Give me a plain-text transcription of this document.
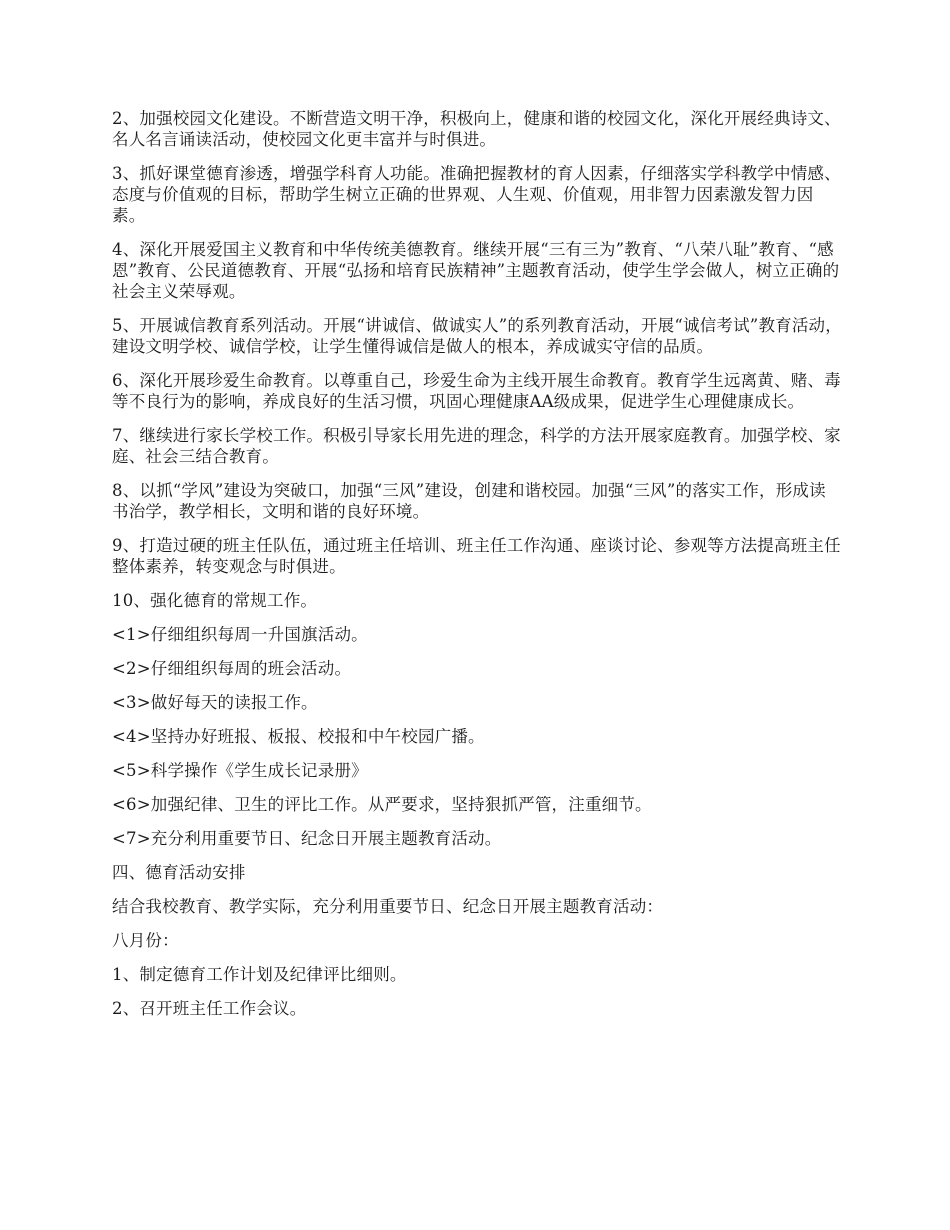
2、加强校园文化建设。不断营造文明干净，积极向上，健康和谐的校园文化，深化开展经典诗文、名人名言诵读活动，使校园文化更丰富并与时俱进。

3、抓好课堂德育渗透，增强学科育人功能。准确把握教材的育人因素，仔细落实学科教学中情感、态度与价值观的目标，帮助学生树立正确的世界观、人生观、价值观，用非智力因素激发智力因素。

4、深化开展爱国主义教育和中华传统美德教育。继续开展“三有三为”教育、“八荣八耻”教育、“感恩”教育、公民道德教育、开展“弘扬和培育民族精神”主题教育活动，使学生学会做人，树立正确的社会主义荣辱观。

5、开展诚信教育系列活动。开展“讲诚信、做诚实人”的系列教育活动，开展“诚信考试”教育活动，建设文明学校、诚信学校，让学生懂得诚信是做人的根本，养成诚实守信的品质。

6、深化开展珍爱生命教育。以尊重自己，珍爱生命为主线开展生命教育。教育学生远离黄、赌、毒等不良行为的影响，养成良好的生活习惯，巩固心理健康AA级成果，促进学生心理健康成长。

7、继续进行家长学校工作。积极引导家长用先进的理念，科学的方法开展家庭教育。加强学校、家庭、社会三结合教育。

8、以抓“学风”建设为突破口，加强“三风”建设，创建和谐校园。加强“三风”的落实工作，形成读书治学，教学相长，文明和谐的良好环境。

9、打造过硬的班主任队伍，通过班主任培训、班主任工作沟通、座谈讨论、参观等方法提高班主任整体素养，转变观念与时俱进。

10、强化德育的常规工作。

<1>仔细组织每周一升国旗活动。

<2>仔细组织每周的班会活动。

<3>做好每天的读报工作。

<4>坚持办好班报、板报、校报和中午校园广播。

<5>科学操作《学生成长记录册》

<6>加强纪律、卫生的评比工作。从严要求，坚持狠抓严管，注重细节。

<7>充分利用重要节日、纪念日开展主题教育活动。

四、德育活动安排

结合我校教育、教学实际，充分利用重要节日、纪念日开展主题教育活动：

八月份：

1、制定德育工作计划及纪律评比细则。

2、召开班主任工作会议。
